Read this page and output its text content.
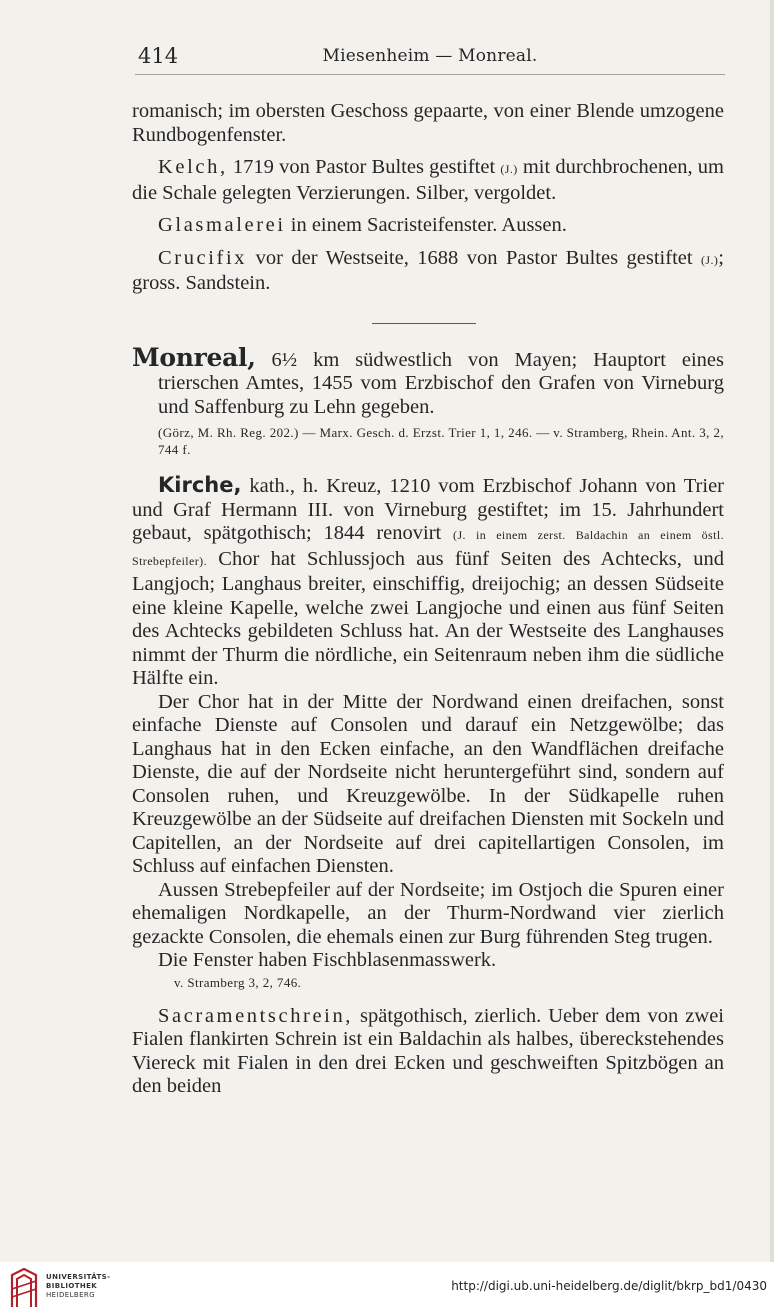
414	Miesenheim — Monreal.

romanisch; im obersten Geschoss gepaarte, von einer Blende umzogene Rundbogenfenster.

Kelch, 1719 von Pastor Bultes gestiftet (J.) mit durchbrochenen, um die Schale gelegten Verzierungen. Silber, vergoldet.

Glasmalerei in einem Sacristeifenster. Aussen.

Crucifix vor der Westseite, 1688 von Pastor Bultes gestiftet (J.); gross. Sandstein.

Monreal, 6½ km südwestlich von Mayen; Hauptort eines trierschen Amtes, 1455 vom Erzbischof den Grafen von Virneburg und Saffenburg zu Lehn gegeben.

(Görz, M. Rh. Reg. 202.) — Marx. Gesch. d. Erzst. Trier 1, 1, 246. — v. Stramberg, Rhein. Ant. 3, 2, 744 f.

Kirche, kath., h. Kreuz, 1210 vom Erzbischof Johann von Trier und Graf Hermann III. von Virneburg gestiftet; im 15. Jahrhundert gebaut, spätgothisch; 1844 renovirt (J. in einem zerst. Baldachin an einem östl. Strebepfeiler). Chor hat Schlussjoch aus fünf Seiten des Achtecks, und Langjoch; Langhaus breiter, einschiffig, dreijochig; an dessen Südseite eine kleine Kapelle, welche zwei Langjoche und einen aus fünf Seiten des Achtecks gebildeten Schluss hat. An der Westseite des Langhauses nimmt der Thurm die nördliche, ein Seitenraum neben ihm die südliche Hälfte ein.

Der Chor hat in der Mitte der Nordwand einen dreifachen, sonst einfache Dienste auf Consolen und darauf ein Netzgewölbe; das Langhaus hat in den Ecken einfache, an den Wandflächen dreifache Dienste, die auf der Nordseite nicht heruntergeführt sind, sondern auf Consolen ruhen, und Kreuzgewölbe. In der Südkapelle ruhen Kreuzgewölbe an der Südseite auf dreifachen Diensten mit Sockeln und Capitellen, an der Nordseite auf drei capitellartigen Consolen, im Schluss auf einfachen Diensten.

Aussen Strebepfeiler auf der Nordseite; im Ostjoch die Spuren einer ehemaligen Nordkapelle, an der Thurm-Nordwand vier zierlich gezackte Consolen, die ehemals einen zur Burg führenden Steg trugen.

Die Fenster haben Fischblasenmasswerk.

v. Stramberg 3, 2, 746.

Sacramentschrein, spätgothisch, zierlich. Ueber dem von zwei Fialen flankirten Schrein ist ein Baldachin als halbes, übereckstehendes Viereck mit Fialen in den drei Ecken und geschweiften Spitzbögen an den beiden

UNIVERSITÄTS-
BIBLIOTHEK
HEIDELBERG
http://digi.ub.uni-heidelberg.de/diglit/bkrp_bd1/0430
